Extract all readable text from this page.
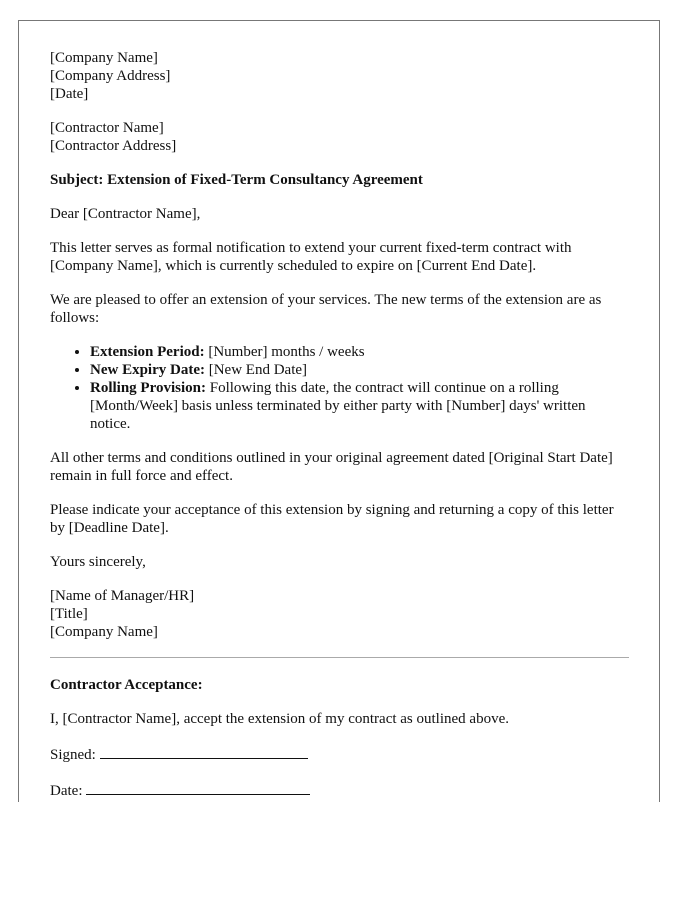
[Company Name]
[Company Address]
[Date]
[Contractor Name]
[Contractor Address]

Subject: Extension of Fixed-Term Consultancy Agreement

Dear [Contractor Name],

This letter serves as formal notification to extend your current fixed-term contract with [Company Name], which is currently scheduled to expire on [Current End Date].

We are pleased to offer an extension of your services. The new terms of the extension are as follows:

• Extension Period: [Number] months / weeks
• New Expiry Date: [New End Date]
• Rolling Provision: Following this date, the contract will continue on a rolling [Month/Week] basis unless terminated by either party with [Number] days' written notice.

All other terms and conditions outlined in your original agreement dated [Original Start Date] remain in full force and effect.

Please indicate your acceptance of this extension by signing and returning a copy of this letter by [Deadline Date].

Yours sincerely,

[Name of Manager/HR]
[Title]
[Company Name]

Contractor Acceptance:

I, [Contractor Name], accept the extension of my contract as outlined above.

Signed:

Date:
